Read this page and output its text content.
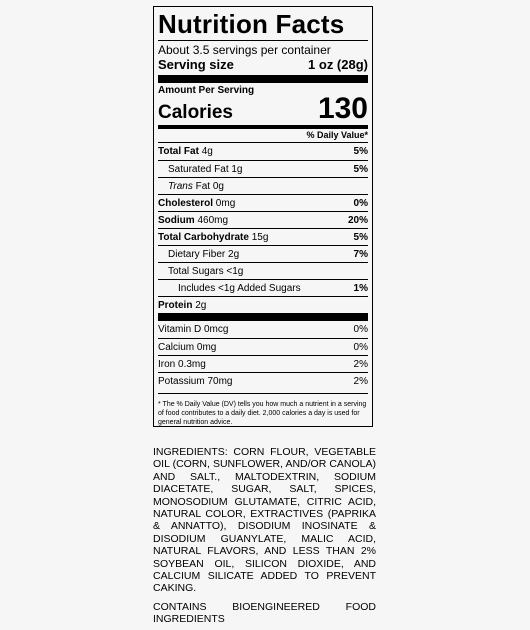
Nutrition Facts
About 3.5 servings per container
Serving size	1 oz (28g)
Amount Per Serving
Calories	130
% Daily Value*
Total Fat 4g	5%
Saturated Fat 1g	5%
Trans Fat 0g
Cholesterol 0mg	0%
Sodium 460mg	20%
Total Carbohydrate 15g	5%
Dietary Fiber 2g	7%
Total Sugars <1g
Includes <1g Added Sugars	1%
Protein 2g
Vitamin D 0mcg	0%
Calcium 0mg	0%
Iron 0.3mg	2%
Potassium 70mg	2%
* The % Daily Value (DV) tells you how much a nutrient in a serving of food contributes to a daily diet. 2,000 calories a day is used for general nutrition advice.
INGREDIENTS: CORN FLOUR, VEGETABLE OIL (CORN, SUNFLOWER, AND/OR CANOLA) AND SALT., MALTODEXTRIN, SODIUM DIACETATE, SUGAR, SALT, SPICES, MONOSODIUM GLUTAMATE, CITRIC ACID, NATURAL COLOR, EXTRACTIVES (PAPRIKA & ANNATTO), DISODIUM INOSINATE & DISODIUM GUANYLATE, MALIC ACID, NATURAL FLAVORS, AND LESS THAN 2% SOYBEAN OIL, SILICON DIOXIDE, AND CALCIUM SILICATE ADDED TO PREVENT CAKING.
CONTAINS BIOENGINEERED FOOD
INGREDIENTS
